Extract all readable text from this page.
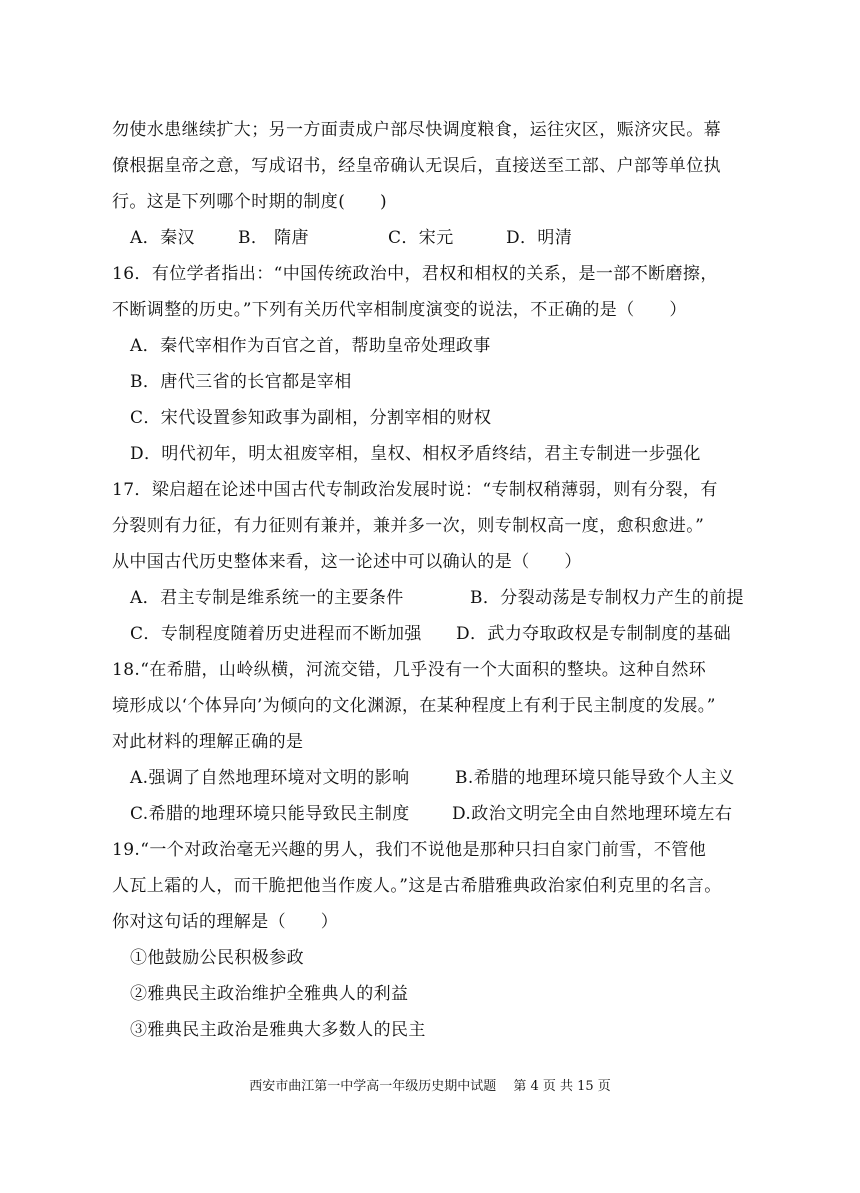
勿使水患继续扩大；另一方面责成户部尽快调度粮食，运往灾区，赈济灾民。幕
僚根据皇帝之意，写成诏书，经皇帝确认无误后，直接送至工部、户部等单位执
行。这是下列哪个时期的制度(　　)
A．秦汉	B． 隋唐	C．宋元	D．明清
16．有位学者指出：“中国传统政治中，君权和相权的关系，是一部不断磨擦，
不断调整的历史。”下列有关历代宰相制度演变的说法，不正确的是（　　）
A．秦代宰相作为百官之首，帮助皇帝处理政事
B．唐代三省的长官都是宰相
C．宋代设置参知政事为副相，分割宰相的财权
D．明代初年，明太祖废宰相，皇权、相权矛盾终结，君主专制进一步强化
17．梁启超在论述中国古代专制政治发展时说：“专制权稍薄弱，则有分裂，有
分裂则有力征，有力征则有兼并，兼并多一次，则专制权高一度，愈积愈进。”
从中国古代历史整体来看，这一论述中可以确认的是（　　）
A．君主专制是维系统一的主要条件	B．分裂动荡是专制权力产生的前提
C．专制程度随着历史进程而不断加强 D．武力夺取政权是专制制度的基础
18.“在希腊，山岭纵横，河流交错，几乎没有一个大面积的整块。这种自然环
境形成以‘个体异向’为倾向的文化渊源，在某种程度上有利于民主制度的发展。”
对此材料的理解正确的是
A.强调了自然地理环境对文明的影响	B.希腊的地理环境只能导致个人主义
C.希腊的地理环境只能导致民主制度 D.政治文明完全由自然地理环境左右
19.“一个对政治毫无兴趣的男人，我们不说他是那种只扫自家门前雪，不管他
人瓦上霜的人，而干脆把他当作废人。”这是古希腊雅典政治家伯利克里的名言。
你对这句话的理解是（　　）
①他鼓励公民积极参政
②雅典民主政治维护全雅典人的利益
③雅典民主政治是雅典大多数人的民主
西安市曲江第一中学高一年级历史期中试题　 第 4 页 共 15 页
